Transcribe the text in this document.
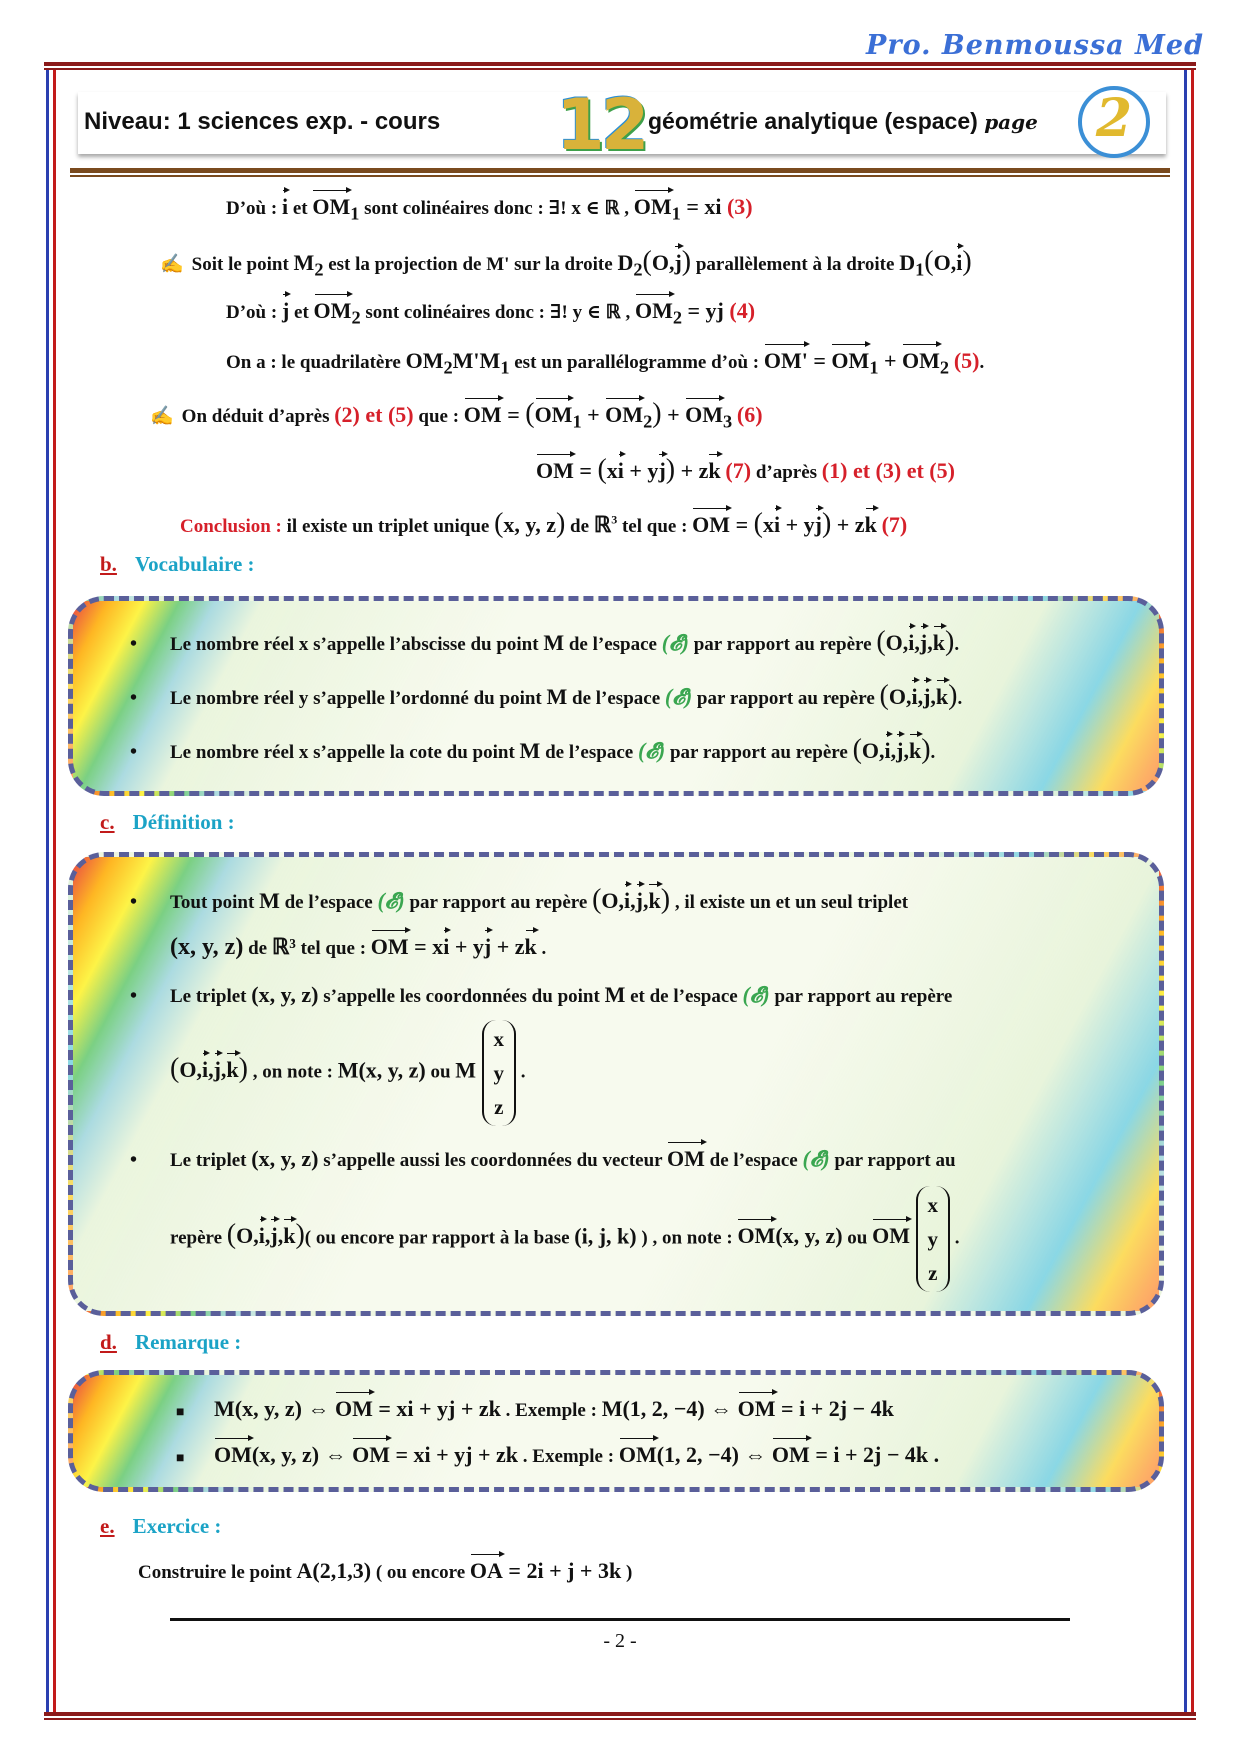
Pro. Benmoussa Med
Niveau: 1 sciences exp. - cours 12 géométrie analytique (espace) page	2
D’où : i et $OM_1$ sont colinéaires donc : ∃! x ∈ ℝ , $OM_1$ = xi (3)
✍ Soit le point $M_2$ est la projection de M' sur la droite $D_2(O,j)$ parallèlement à la droite $D_1(O,i)$
D’où : j et $OM_2$ sont colinéaires donc : ∃! y ∈ ℝ , $OM_2$ = yj (4)
On a : le quadrilatère $OM_2M'M_1$ est un parallélogramme d’où : $OM' = OM_1 + OM_2$ (5).
✍ On déduit d’après (2) et (5) que : OM = $(OM_1 + OM_2) + OM_3$ (6)
OM = (xi + yj) + zk (7) d’après (1) et (3) et (5)
Conclusion : il existe un triplet unique (x, y, z) de ℝ$^3$ tel que : OM = (xi + yj) + zk (7)
b. Vocabulaire :
• Le nombre réel x s’appelle l’abscisse du point M de l’espace (𝓔) par rapport au repère (O,i,j,k).
• Le nombre réel y s’appelle l’ordonné du point M de l’espace (𝓔) par rapport au repère (O,i,j,k).
• Le nombre réel x s’appelle la cote du point M de l’espace (𝓔) par rapport au repère (O,i,j,k).
c. Définition :
• Tout point M de l’espace (𝓔) par rapport au repère (O,i,j,k) , il existe un et un seul triplet
(x, y, z) de ℝ³ tel que : OM = xi + yj + zk .
• Le triplet (x, y, z) s’appelle les coordonnées du point M et de l’espace (𝓔) par rapport au repère
(O,i,j,k) , on note : M(x, y, z) ou M x
y
z .
• Le triplet (x, y, z) s’appelle aussi les coordonnées du vecteur OM de l’espace (𝓔) par rapport au
repère (O,i,j,k)( ou encore par rapport à la base (i, j, k) ) , on note : OM(x, y, z) ou OM x
y
z .
d. Remarque :
■ M(x, y, z) ⇔ OM = xi + yj + zk . Exemple : M(1, 2, −4) ⇔ OM = i + 2j − 4k
■ OM(x, y, z) ⇔ OM = xi + yj + zk . Exemple : OM(1, 2, −4) ⇔ OM = i + 2j − 4k .
e. Exercice :
Construire le point A(2,1,3) ( ou encore OA = 2i + j + 3k )
- 2 -
